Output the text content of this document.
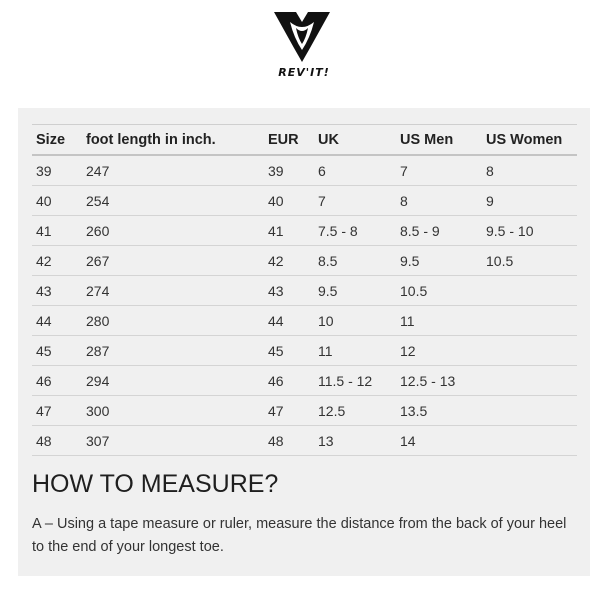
REV'IT!
Size	foot length in inch.	EUR	UK	US Men	US Women
39	247	39	6	7	8
40	254	40	7	8	9
41	260	41	7.5 - 8	8.5 - 9	9.5 - 10
42	267	42	8.5	9.5	10.5
43	274	43	9.5	10.5	
44	280	44	10	11	
45	287	45	11	12	
46	294	46	11.5 - 12	12.5 - 13	
47	300	47	12.5	13.5	
48	307	48	13	14	
HOW TO MEASURE?

A – Using a tape measure or ruler, measure the distance from the back of your heel to the end of your longest toe.
